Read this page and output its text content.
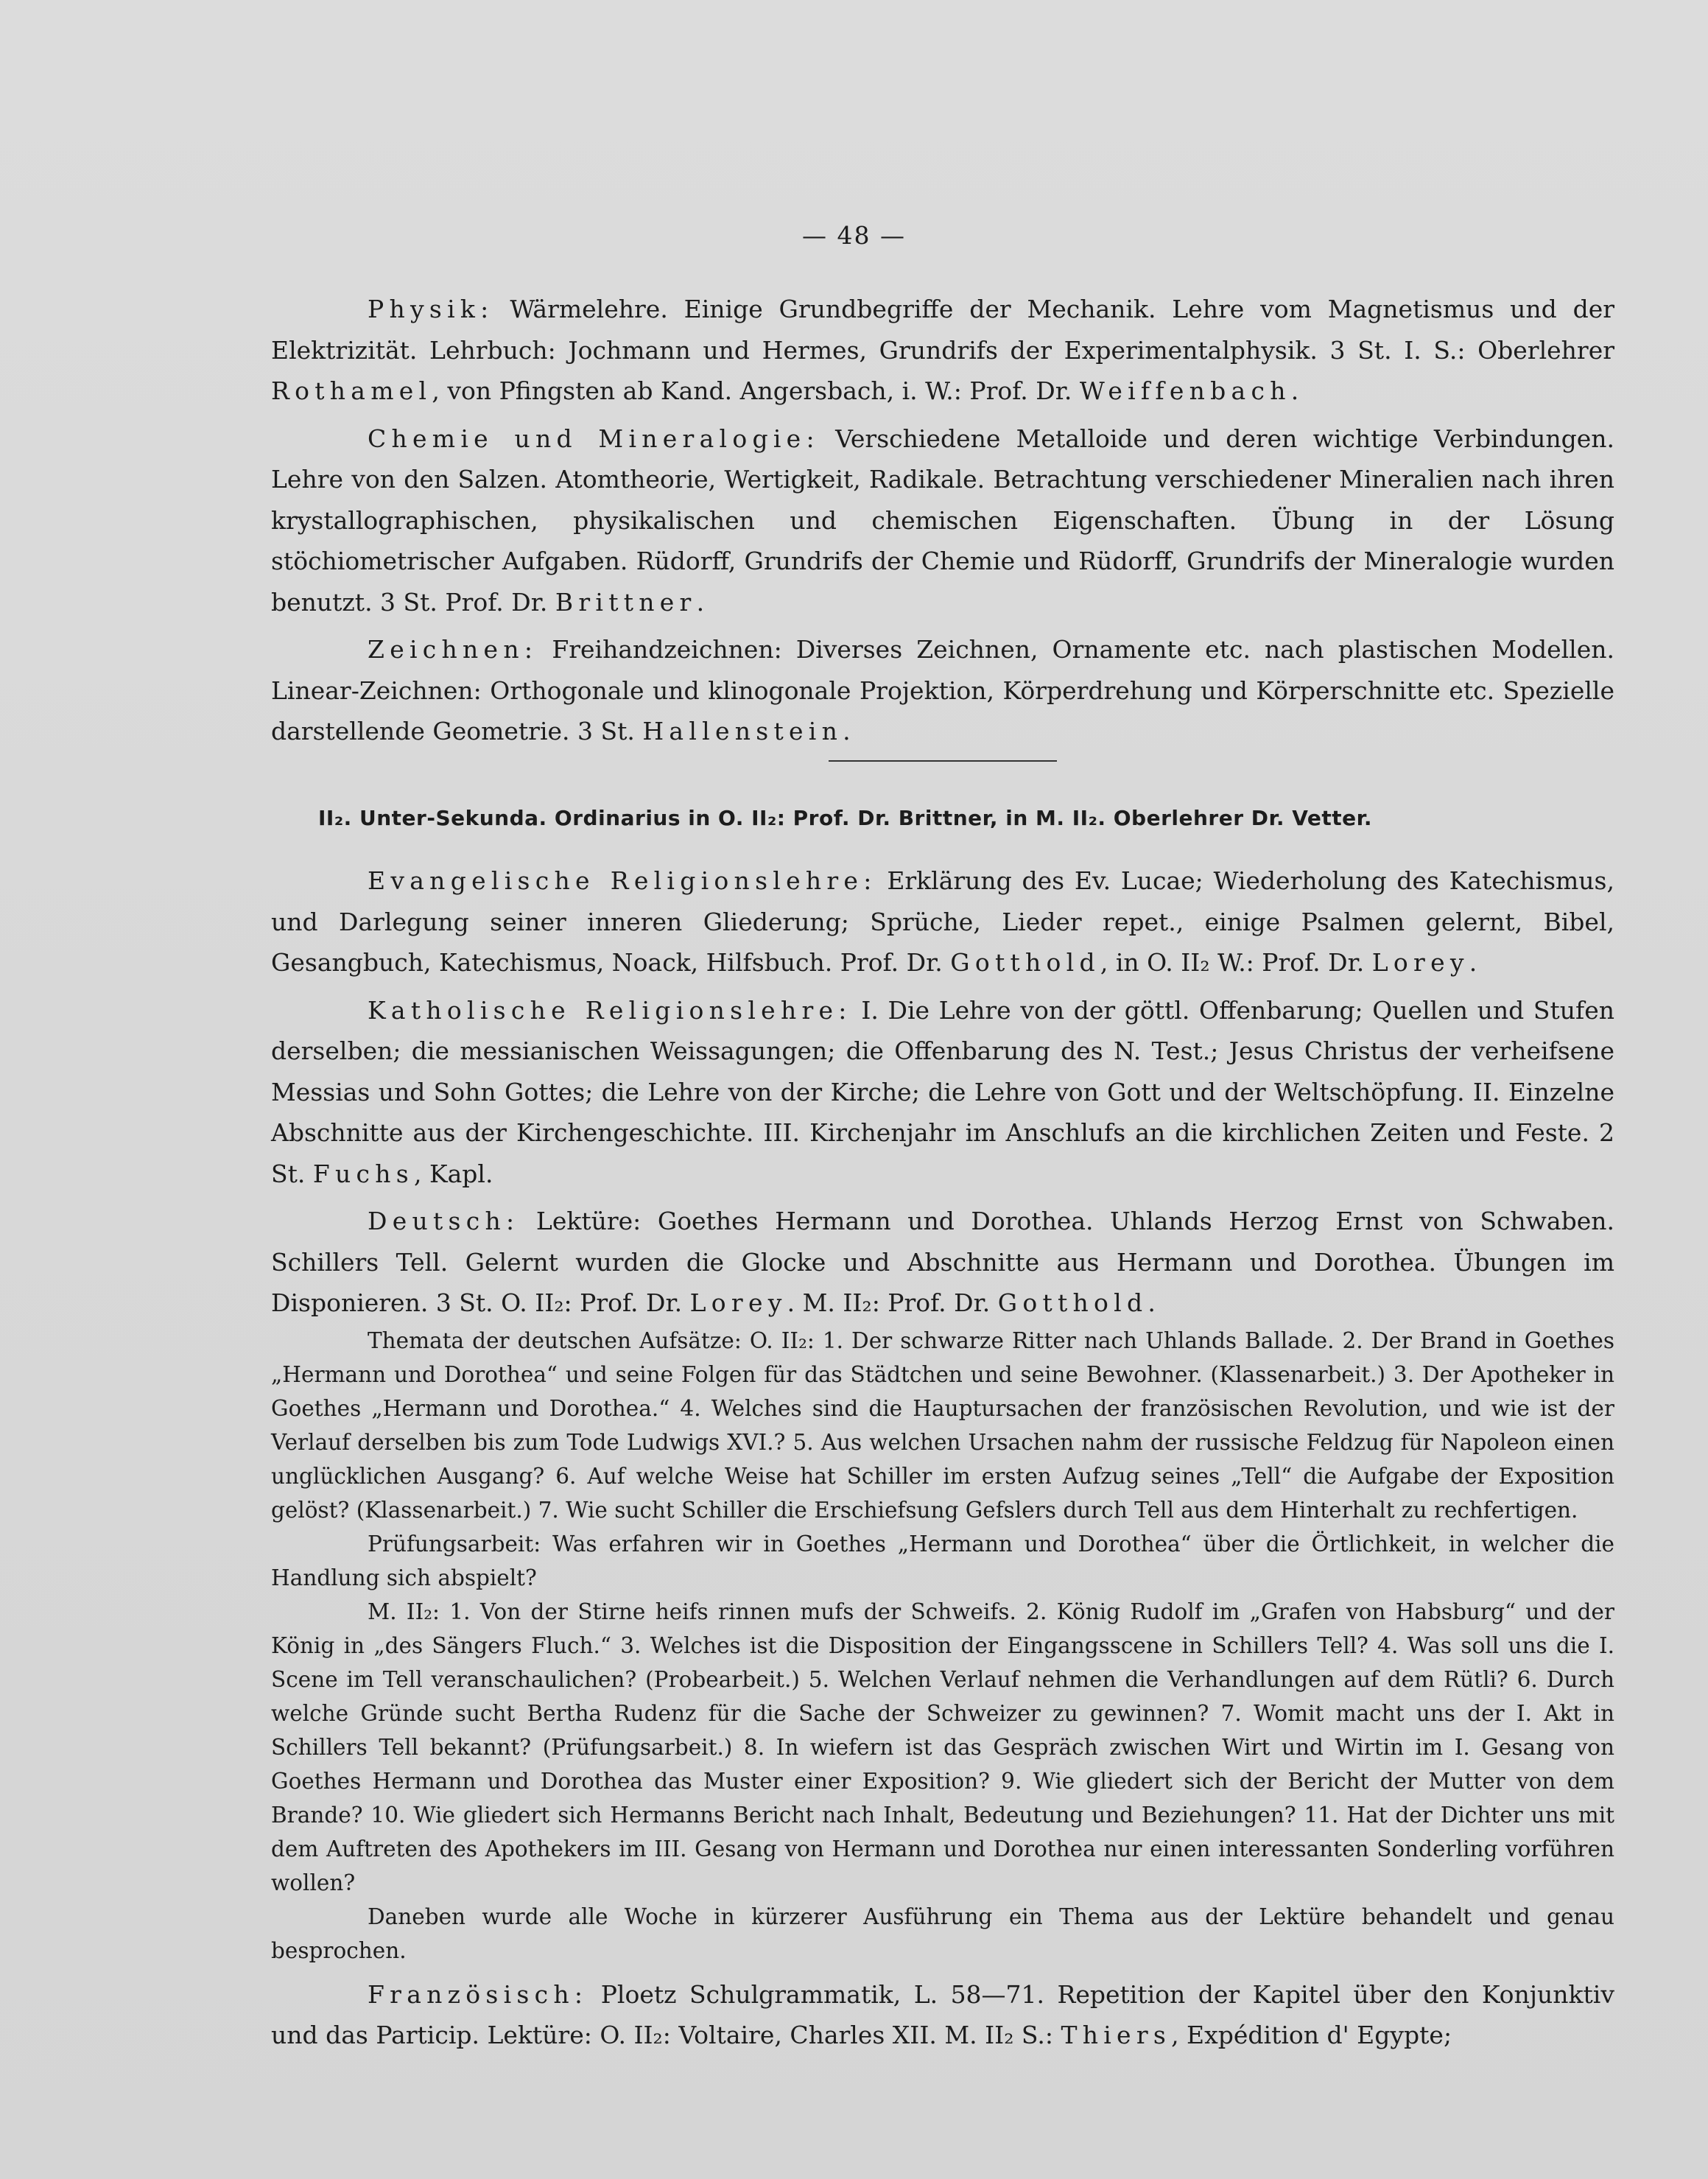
— 48 —

Physik: Wärmelehre. Einige Grundbegriffe der Mechanik. Lehre vom Magnetismus und der Elektrizität. Lehrbuch: Jochmann und Hermes, Grundrifs der Experimentalphysik. 3 St. I. S.: Oberlehrer Rothamel, von Pfingsten ab Kand. Angersbach, i. W.: Prof. Dr. Weiffenbach.

Chemie und Mineralogie: Verschiedene Metalloide und deren wichtige Verbindungen. Lehre von den Salzen. Atomtheorie, Wertigkeit, Radikale. Betrachtung verschiedener Mineralien nach ihren krystallographischen, physikalischen und chemischen Eigenschaften. Übung in der Lösung stöchiometrischer Aufgaben. Rüdorff, Grundrifs der Chemie und Rüdorff, Grundrifs der Mineralogie wurden benutzt. 3 St. Prof. Dr. Brittner.

Zeichnen: Freihandzeichnen: Diverses Zeichnen, Ornamente etc. nach plastischen Modellen. Linear-Zeichnen: Orthogonale und klinogonale Projektion, Körperdrehung und Körperschnitte etc. Spezielle darstellende Geometrie. 3 St. Hallenstein.

II₂. Unter-Sekunda. Ordinarius in O. II₂: Prof. Dr. Brittner, in M. II₂. Oberlehrer Dr. Vetter.

Evangelische Religionslehre: Erklärung des Ev. Lucae; Wiederholung des Katechismus, und Darlegung seiner inneren Gliederung; Sprüche, Lieder repet., einige Psalmen gelernt, Bibel, Gesangbuch, Katechismus, Noack, Hilfsbuch. Prof. Dr. Gotthold, in O. II₂ W.: Prof. Dr. Lorey.

Katholische Religionslehre: I. Die Lehre von der göttl. Offenbarung; Quellen und Stufen derselben; die messianischen Weissagungen; die Offenbarung des N. Test.; Jesus Christus der verheifsene Messias und Sohn Gottes; die Lehre von der Kirche; die Lehre von Gott und der Weltschöpfung. II. Einzelne Abschnitte aus der Kirchengeschichte. III. Kirchenjahr im Anschlufs an die kirchlichen Zeiten und Feste. 2 St. Fuchs, Kapl.

Deutsch: Lektüre: Goethes Hermann und Dorothea. Uhlands Herzog Ernst von Schwaben. Schillers Tell. Gelernt wurden die Glocke und Abschnitte aus Hermann und Dorothea. Übungen im Disponieren. 3 St. O. II₂: Prof. Dr. Lorey. M. II₂: Prof. Dr. Gotthold.

Themata der deutschen Aufsätze: O. II₂: 1. Der schwarze Ritter nach Uhlands Ballade. 2. Der Brand in Goethes „Hermann und Dorothea“ und seine Folgen für das Städtchen und seine Bewohner. (Klassenarbeit.) 3. Der Apotheker in Goethes „Hermann und Dorothea.“ 4. Welches sind die Hauptursachen der französischen Revolution, und wie ist der Verlauf derselben bis zum Tode Ludwigs XVI.? 5. Aus welchen Ursachen nahm der russische Feldzug für Napoleon einen unglücklichen Ausgang? 6. Auf welche Weise hat Schiller im ersten Aufzug seines „Tell“ die Aufgabe der Exposition gelöst? (Klassenarbeit.) 7. Wie sucht Schiller die Erschiefsung Gefslers durch Tell aus dem Hinterhalt zu rechfertigen.

Prüfungsarbeit: Was erfahren wir in Goethes „Hermann und Dorothea“ über die Örtlichkeit, in welcher die Handlung sich abspielt?

M. II₂: 1. Von der Stirne heifs rinnen mufs der Schweifs. 2. König Rudolf im „Grafen von Habsburg“ und der König in „des Sängers Fluch.“ 3. Welches ist die Disposition der Eingangsscene in Schillers Tell? 4. Was soll uns die I. Scene im Tell veranschaulichen? (Probearbeit.) 5. Welchen Verlauf nehmen die Verhandlungen auf dem Rütli? 6. Durch welche Gründe sucht Bertha Rudenz für die Sache der Schweizer zu gewinnen? 7. Womit macht uns der I. Akt in Schillers Tell bekannt? (Prüfungsarbeit.) 8. In wiefern ist das Gespräch zwischen Wirt und Wirtin im I. Gesang von Goethes Hermann und Dorothea das Muster einer Exposition? 9. Wie gliedert sich der Bericht der Mutter von dem Brande? 10. Wie gliedert sich Hermanns Bericht nach Inhalt, Bedeutung und Beziehungen? 11. Hat der Dichter uns mit dem Auftreten des Apothekers im III. Gesang von Hermann und Dorothea nur einen interessanten Sonderling vorführen wollen?

Daneben wurde alle Woche in kürzerer Ausführung ein Thema aus der Lektüre behandelt und genau besprochen.

Französisch: Ploetz Schulgrammatik, L. 58—71. Repetition der Kapitel über den Konjunktiv und das Particip. Lektüre: O. II₂: Voltaire, Charles XII. M. II₂ S.: Thiers, Expédition d' Egypte;
